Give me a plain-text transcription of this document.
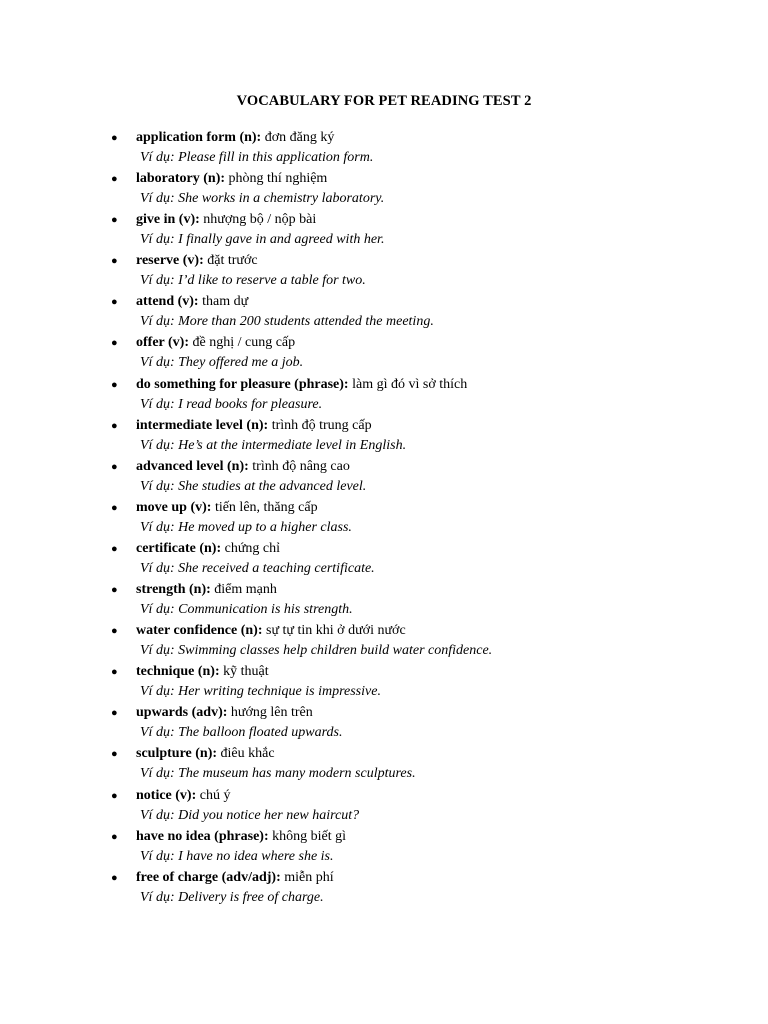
VOCABULARY FOR PET READING TEST 2
● application form (n): đơn đăng ký
Ví dụ: Please fill in this application form.
● laboratory (n): phòng thí nghiệm
Ví dụ: She works in a chemistry laboratory.
● give in (v): nhượng bộ / nộp bài
Ví dụ: I finally gave in and agreed with her.
● reserve (v): đặt trước
Ví dụ: I’d like to reserve a table for two.
● attend (v): tham dự
Ví dụ: More than 200 students attended the meeting.
● offer (v): đề nghị / cung cấp
Ví dụ: They offered me a job.
● do something for pleasure (phrase): làm gì đó vì sở thích
Ví dụ: I read books for pleasure.
● intermediate level (n): trình độ trung cấp
Ví dụ: He’s at the intermediate level in English.
● advanced level (n): trình độ nâng cao
Ví dụ: She studies at the advanced level.
● move up (v): tiến lên, thăng cấp
Ví dụ: He moved up to a higher class.
● certificate (n): chứng chỉ
Ví dụ: She received a teaching certificate.
● strength (n): điểm mạnh
Ví dụ: Communication is his strength.
● water confidence (n): sự tự tin khi ở dưới nước
Ví dụ: Swimming classes help children build water confidence.
● technique (n): kỹ thuật
Ví dụ: Her writing technique is impressive.
● upwards (adv): hướng lên trên
Ví dụ: The balloon floated upwards.
● sculpture (n): điêu khắc
Ví dụ: The museum has many modern sculptures.
● notice (v): chú ý
Ví dụ: Did you notice her new haircut?
● have no idea (phrase): không biết gì
Ví dụ: I have no idea where she is.
● free of charge (adv/adj): miễn phí
Ví dụ: Delivery is free of charge.
